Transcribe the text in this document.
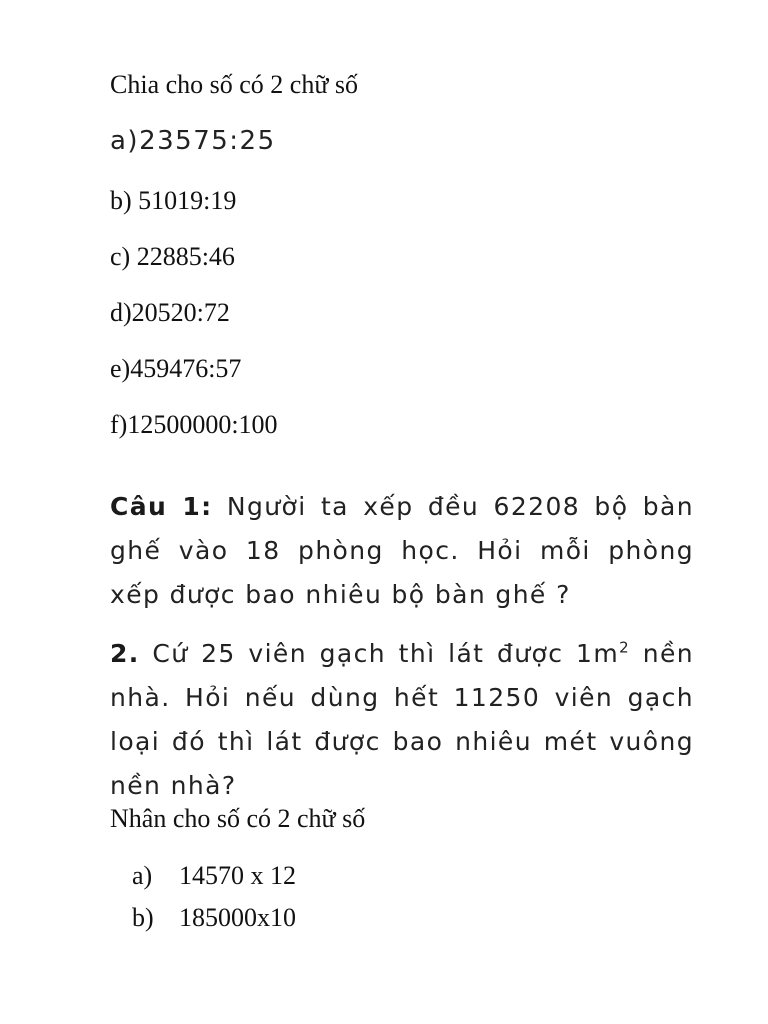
Chia cho số có 2 chữ số

a)23575:25

b) 51019:19

c) 22885:46

d)20520:72

e)459476:57

f)12500000:100

Câu 1: Người ta xếp đều 62208 bộ bàn ghế vào 18 phòng học. Hỏi mỗi phòng xếp được bao nhiêu bộ bàn ghế ?

2. Cứ 25 viên gạch thì lát được $1m^2$ nền nhà. Hỏi nếu dùng hết 11250 viên gạch loại đó thì lát được bao nhiêu mét vuông nền nhà?

Nhân cho số có 2 chữ số

a)	14570 x 12
b) 185000x10
